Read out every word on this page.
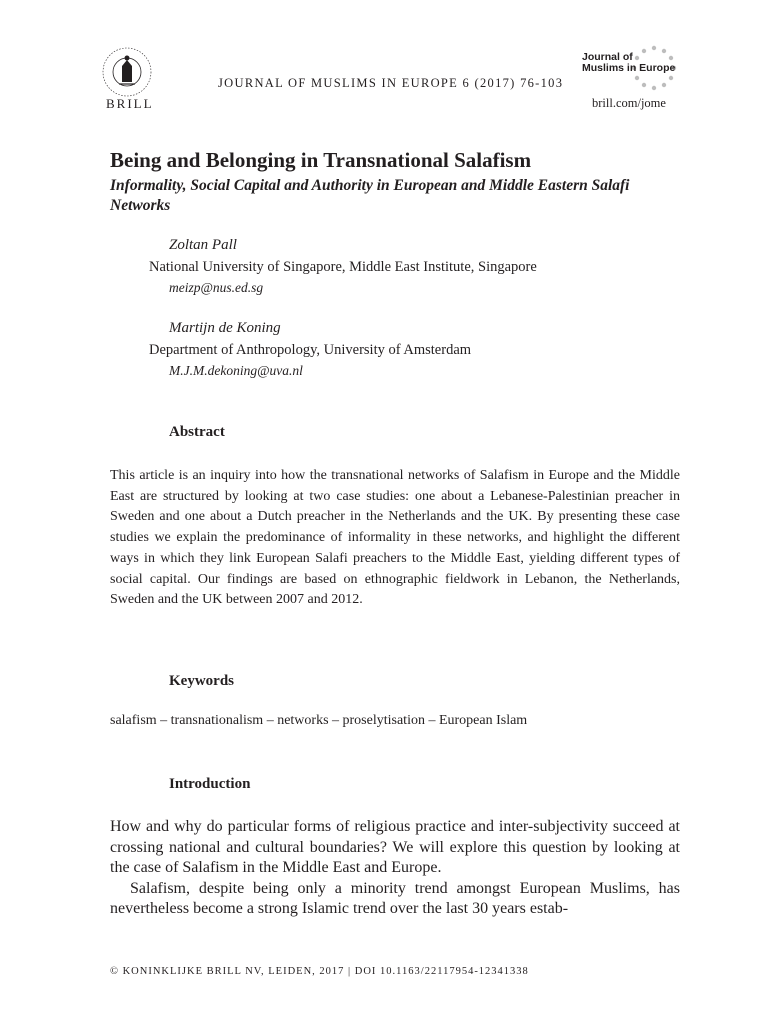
BRILL
JOURNAL OF MUSLIMS IN EUROPE 6 (2017) 76-103
Journal of
Muslims in Europe
brill.com/jome
Being and Belonging in Transnational Salafism
Informality, Social Capital and Authority in European and Middle Eastern Salafi Networks
Zoltan Pall
National University of Singapore, Middle East Institute, Singapore
meizp@nus.ed.sg
Martijn de Koning
Department of Anthropology, University of Amsterdam
M.J.M.dekoning@uva.nl
Abstract
This article is an inquiry into how the transnational networks of Salafism in Europe and the Middle East are structured by looking at two case studies: one about a Lebanese-Palestinian preacher in Sweden and one about a Dutch preacher in the Netherlands and the UK. By presenting these case studies we explain the predominance of informality in these networks, and highlight the different ways in which they link European Salafi preachers to the Middle East, yielding different types of social capital. Our findings are based on ethnographic fieldwork in Lebanon, the Netherlands, Sweden and the UK between 2007 and 2012.
Keywords
salafism – transnationalism – networks – proselytisation – European Islam
Introduction

How and why do particular forms of religious practice and inter-subjectivity succeed at crossing national and cultural boundaries? We will explore this question by looking at the case of Salafism in the Middle East and Europe.

Salafism, despite being only a minority trend amongst European Muslims, has nevertheless become a strong Islamic trend over the last 30 years estab-

© KONINKLIJKE BRILL NV, LEIDEN, 2017 | DOI 10.1163/22117954-12341338
